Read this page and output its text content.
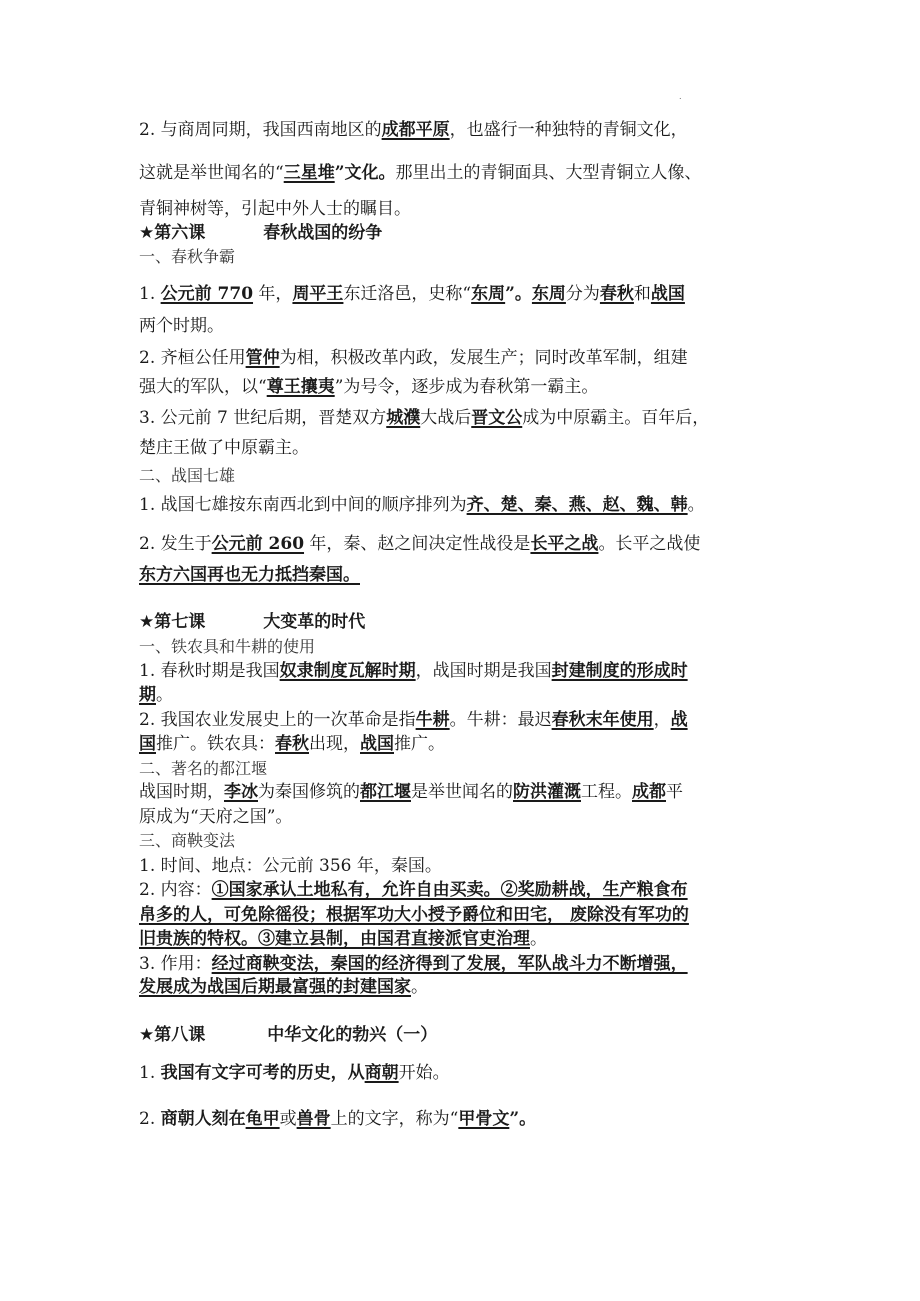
.
2. 与商周同期，我国西南地区的成都平原，也盛行一种独特的青铜文化，
这就是举世闻名的“三星堆”文化。那里出土的青铜面具、大型青铜立人像、
青铜神树等，引起中外人士的瞩目。
★第六课	春秋战国的纷争
一、春秋争霸
1. 公元前 770 年，周平王东迁洛邑，史称“东周”。东周分为春秋和战国
两个时期。
2. 齐桓公任用管仲为相，积极改革内政，发展生产；同时改革军制，组建
强大的军队，以“尊王攘夷”为号令，逐步成为春秋第一霸主。
3. 公元前 7 世纪后期，晋楚双方城濮大战后晋文公成为中原霸主。百年后，
楚庄王做了中原霸主。
二、战国七雄
1. 战国七雄按东南西北到中间的顺序排列为齐、楚、秦、燕、赵、魏、韩。
2. 发生于公元前 260 年，秦、赵之间决定性战役是长平之战。长平之战使
东方六国再也无力抵挡秦国。
★第七课	大变革的时代
一、铁农具和牛耕的使用
1. 春秋时期是我国奴隶制度瓦解时期，战国时期是我国封建制度的形成时
期。
2. 我国农业发展史上的一次革命是指牛耕。牛耕：最迟春秋末年使用，战
国推广。铁农具：春秋出现，战国推广。
二、著名的都江堰
战国时期，李冰为秦国修筑的都江堰是举世闻名的防洪灌溉工程。成都平
原成为“天府之国”。
三、商鞅变法
1. 时间、地点：公元前 356 年，秦国。
2. 内容：①国家承认土地私有，允许自由买卖。②奖励耕战，生产粮食布
帛多的人，可免除徭役；根据军功大小授予爵位和田宅， 废除没有军功的
旧贵族的特权。③建立县制，由国君直接派官吏治理。
3. 作用：经过商鞅变法，秦国的经济得到了发展，军队战斗力不断增强，
发展成为战国后期最富强的封建国家。
★第八课	中华文化的勃兴（一）
1. 我国有文字可考的历史，从商朝开始。
2. 商朝人刻在龟甲或兽骨上的文字，称为“甲骨文”。
